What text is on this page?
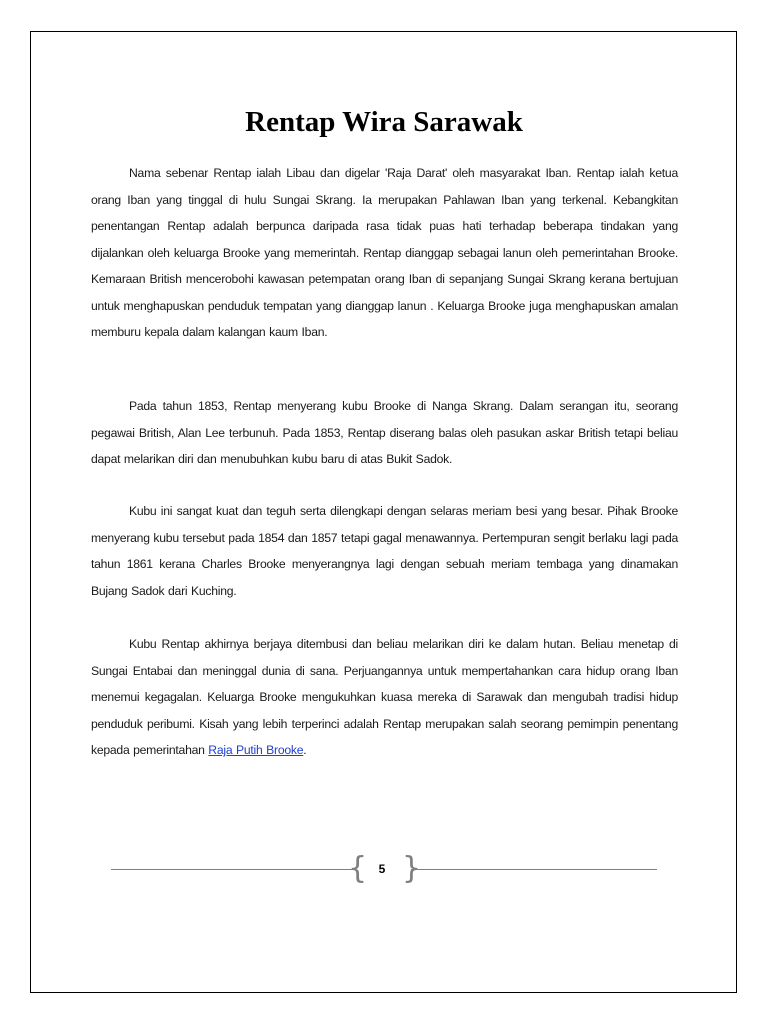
Rentap Wira Sarawak

Nama sebenar Rentap ialah Libau dan digelar 'Raja Darat' oleh masyarakat Iban. Rentap ialah ketua orang Iban yang tinggal di hulu Sungai Skrang. Ia merupakan Pahlawan Iban yang terkenal. Kebangkitan penentangan Rentap adalah berpunca daripada rasa tidak puas hati terhadap beberapa tindakan yang dijalankan oleh keluarga Brooke yang memerintah. Rentap dianggap sebagai lanun oleh pemerintahan Brooke. Kemaraan British mencerobohi kawasan petempatan orang Iban di sepanjang Sungai Skrang kerana bertujuan untuk menghapuskan penduduk tempatan yang dianggap lanun . Keluarga Brooke juga menghapuskan amalan memburu kepala dalam kalangan kaum Iban.

Pada tahun 1853, Rentap menyerang kubu Brooke di Nanga Skrang. Dalam serangan itu, seorang pegawai British, Alan Lee terbunuh. Pada 1853, Rentap diserang balas oleh pasukan askar British tetapi beliau dapat melarikan diri dan menubuhkan kubu baru di atas Bukit Sadok.

Kubu ini sangat kuat dan teguh serta dilengkapi dengan selaras meriam besi yang besar. Pihak Brooke menyerang kubu tersebut pada 1854 dan 1857 tetapi gagal menawannya. Pertempuran sengit berlaku lagi pada tahun 1861 kerana Charles Brooke menyerangnya lagi dengan sebuah meriam tembaga yang dinamakan Bujang Sadok dari Kuching.

Kubu Rentap akhirnya berjaya ditembusi dan beliau melarikan diri ke dalam hutan. Beliau menetap di Sungai Entabai dan meninggal dunia di sana. Perjuangannya untuk mempertahankan cara hidup orang Iban menemui kegagalan. Keluarga Brooke mengukuhkan kuasa mereka di Sarawak dan mengubah tradisi hidup penduduk peribumi. Kisah yang lebih terperinci adalah Rentap merupakan salah seorang pemimpin penentang kepada pemerintahan Raja Putih Brooke.

{ 5 }
